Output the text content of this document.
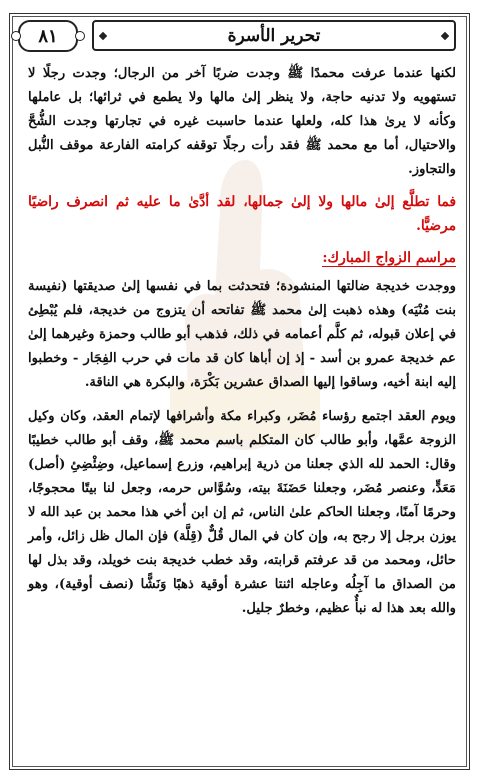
٨١	تحرير الأسرة

لكنها عندما عرفت محمدًا ﷺ وجدت ضربًا آخر من الرجال؛ وجدت رجلًا لا تستهويه ولا تدنيه حاجة، ولا ينظر إلىٰ مالها ولا يطمع في ثرائها؛ بل عاملها وكأنه لا يرىٰ هذا كله، ولعلها عندما حاسبت غيره في تجارتها وجدت الشُّحَّ والاحتيال، أما مع محمد ﷺ فقد رأت رجلًا توقفه كرامته الفارعة موقف النُّبل والتجاوز.

فما تطلَّع إلىٰ مالها ولا إلىٰ جمالها، لقد أدَّىٰ ما عليه ثم انصرف راضيًا مرضيًّا.

مراسم الزواج المبارك:

ووجدت خديجة ضالتها المنشودة؛ فتحدثت بما في نفسها إلىٰ صديقتها (نفيسة بنت مُنْيَه) وهذه ذهبت إلىٰ محمد ﷺ تفاتحه أن يتزوج من خديجة، فلم يُبْطِئ في إعلان قبوله، ثم كلَّم أعمامه في ذلك، فذهب أبو طالب وحمزة وغيرهما إلىٰ عم خديجة عمرو بن أسد - إذ إن أباها كان قد مات في حرب الفِجَار - وخطبوا إليه ابنة أخيه، وساقوا إليها الصداق عشرين بَكْرَة، والبكرة هي الناقة.

ويوم العقد اجتمع رؤساء مُضَر، وكبراء مكة وأشرافها لإتمام العقد، وكان وكيل الزوجة عمَّها، وأبو طالب كان المتكلم باسم محمد ﷺ، وقف أبو طالب خطيبًا وقال: الحمد لله الذي جعلنا من ذرية إبراهيم، وزرع إسماعيل، وضِئْضِئِ (أصل) مَعَدٍّ، وعنصر مُضَر، وجعلنا حَضَنَةَ بيته، وسُوَّاس حرمه، وجعل لنا بيتًا محجوجًا، وحرمًا آمنًا، وجعلنا الحاكم علىٰ الناس، ثم إن ابن أخي هذا محمد بن عبد الله لا يوزن برجل إلا رجح به، وإن كان في المال قُلٌّ (قِلَّة) فإن المال ظل زائل، وأمر حائل، ومحمد من قد عرفتم قرابته، وقد خطب خديجة بنت خويلد، وقد بذل لها من الصداق ما آجِلُه وعاجله اثنتا عشرة أوقية ذهبًا وَنَشًّا (نصف أوقية)، وهو والله بعد هذا له نبأٌ عظيم، وخطرٌ جليل.
